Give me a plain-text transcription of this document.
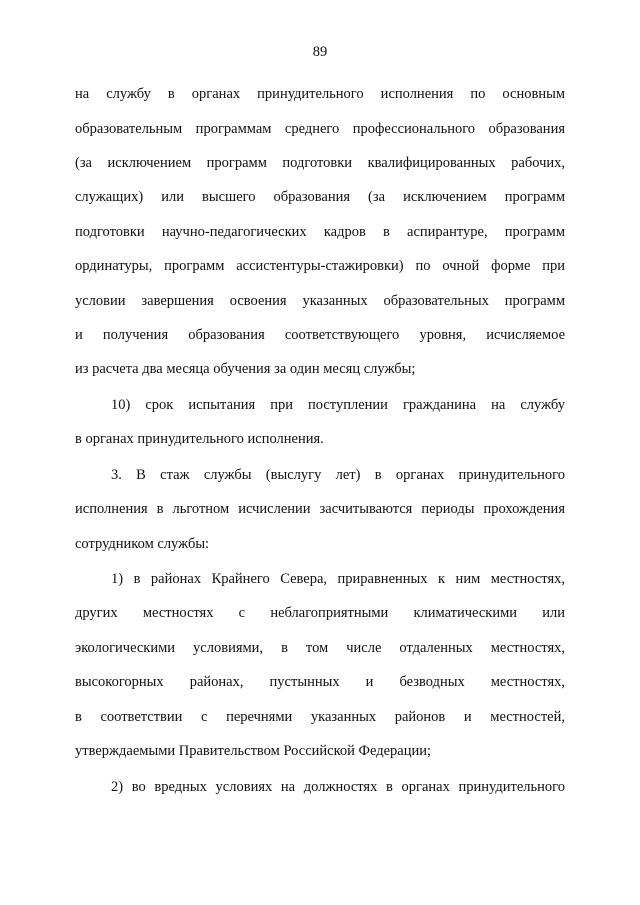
89
на службу в органах принудительного исполнения по основным
образовательным программам среднего профессионального образования
(за исключением программ подготовки квалифицированных рабочих,
служащих) или высшего образования (за исключением программ
подготовки научно-педагогических кадров в аспирантуре, программ
ординатуры, программ ассистентуры-стажировки) по очной форме при
условии завершения освоения указанных образовательных программ
и получения образования соответствующего уровня, исчисляемое
из расчета два месяца обучения за один месяц службы;
10) срок испытания при поступлении гражданина на службу
в органах принудительного исполнения.
3. В стаж службы (выслугу лет) в органах принудительного
исполнения в льготном исчислении засчитываются периоды прохождения
сотрудником службы:
1) в районах Крайнего Севера, приравненных к ним местностях,
других местностях с неблагоприятными климатическими или
экологическими условиями, в том числе отдаленных местностях,
высокогорных районах, пустынных и безводных местностях,
в соответствии с перечнями указанных районов и местностей,
утверждаемыми Правительством Российской Федерации;
2) во вредных условиях на должностях в органах принудительного
